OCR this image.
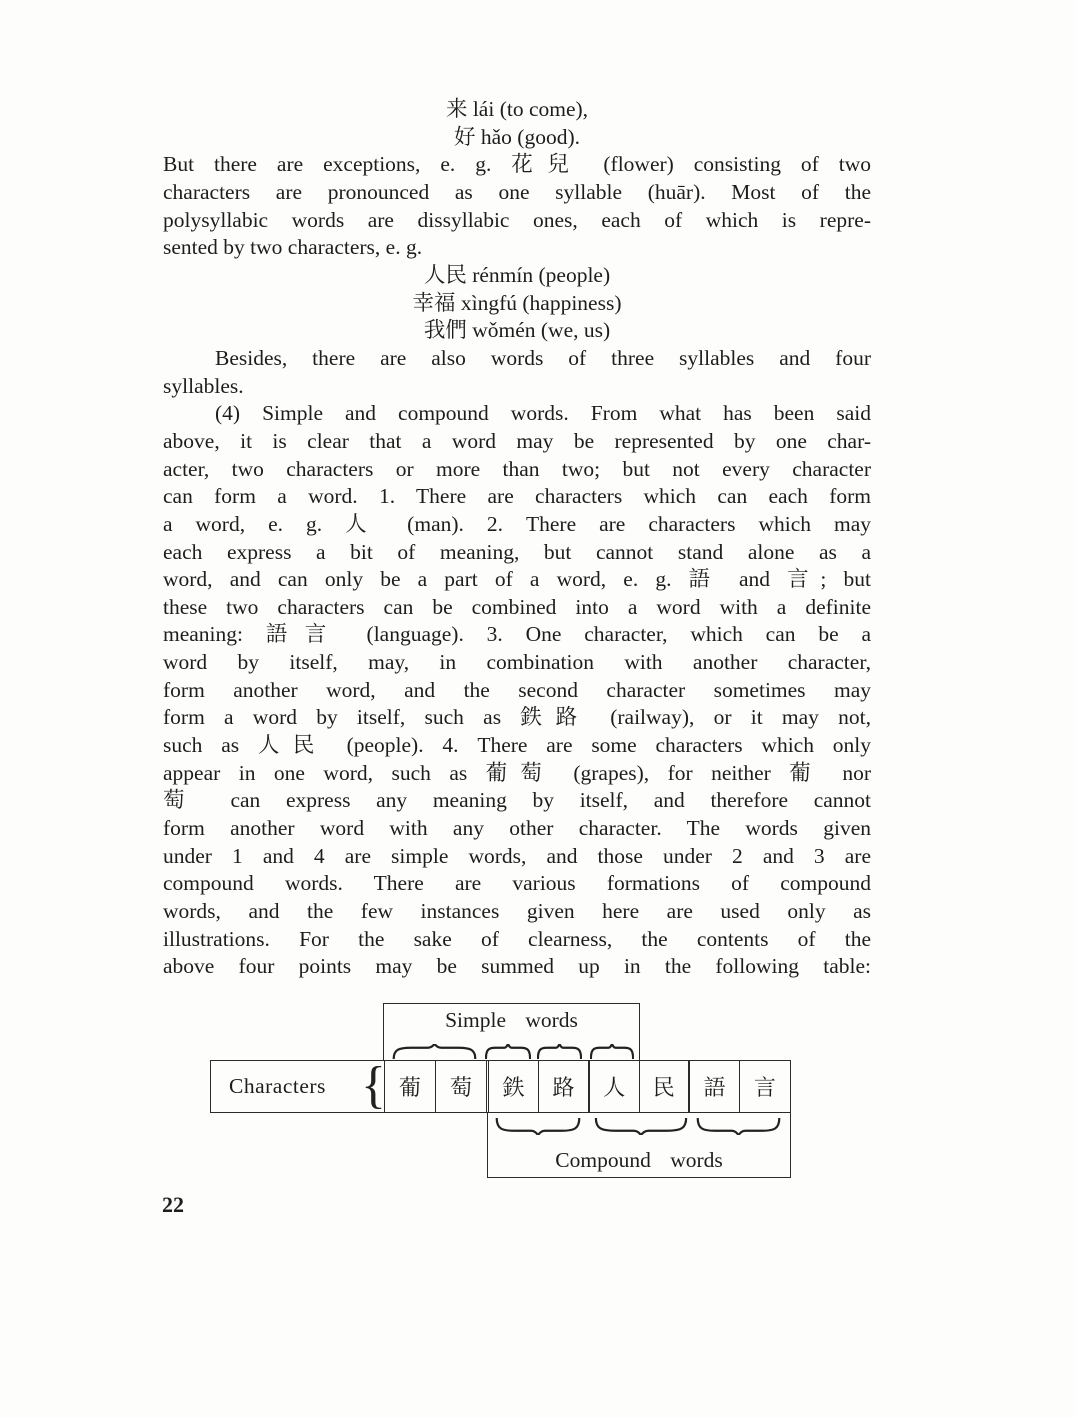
来 lái (to come),
好 hǎo (good).
But there are exceptions, e. g. 花兒 (flower) consisting of two
characters are pronounced as one syllable (huār). Most of the
polysyllabic words are dissyllabic ones, each of which is repre-
sented by two characters, e. g.
人民 rénmín (people)
幸福 xìngfú (happiness)
我們 wǒmén (we, us)
Besides, there are also words of three syllables and four
syllables.
(4) Simple and compound words. From what has been said
above, it is clear that a word may be represented by one char-
acter, two characters or more than two; but not every character
can form a word. 1. There are characters which can each form
a word, e. g. 人 (man). 2. There are characters which may
each express a bit of meaning, but cannot stand alone as a
word, and can only be a part of a word, e. g. 語 and 言; but
these two characters can be combined into a word with a definite
meaning: 語言 (language). 3. One character, which can be a
word by itself, may, in combination with another character,
form another word, and the second character sometimes may
form a word by itself, such as 鉄路 (railway), or it may not,
such as 人民 (people). 4. There are some characters which only
appear in one word, such as 葡萄 (grapes), for neither 葡 nor
萄 can express any meaning by itself, and therefore cannot
form another word with any other character. The words given
under 1 and 4 are simple words, and those under 2 and 3 are
compound words. There are various formations of compound
words, and the few instances given here are used only as
illustrations. For the sake of clearness, the contents of the
above four points may be summed up in the following table:
Simple words
Characters { 葡	萄	鉄	路	人	民	語	言
Compound words
22
